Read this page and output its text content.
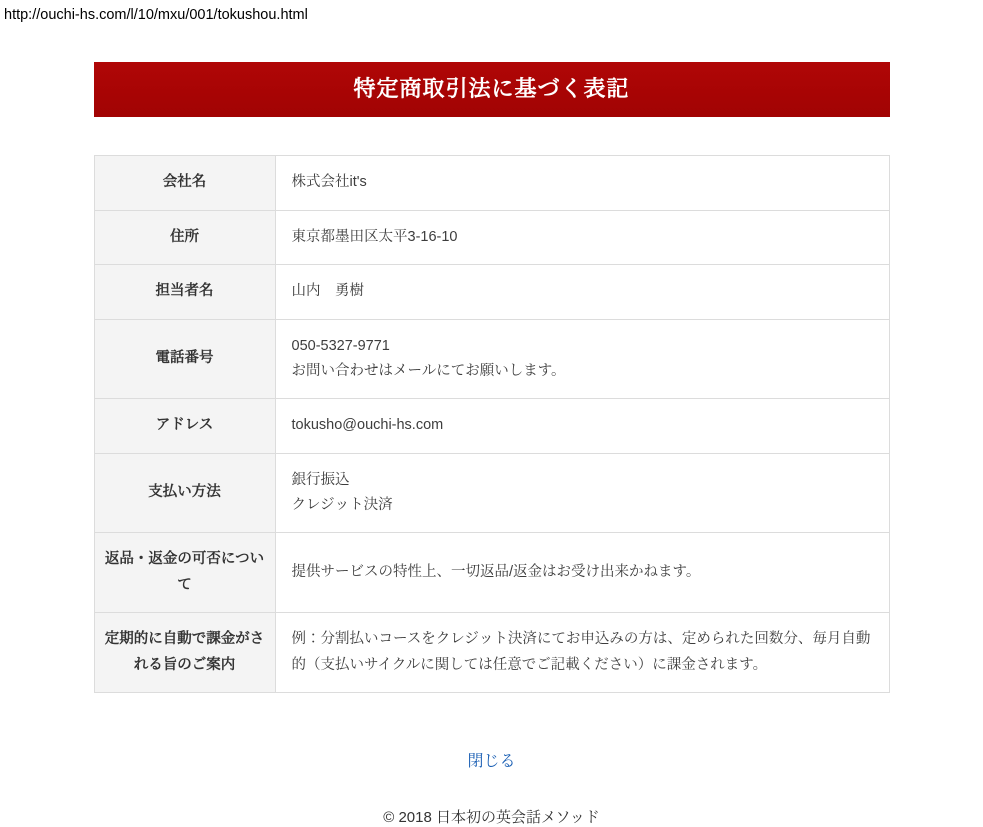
http://ouchi-hs.com/l/10/mxu/001/tokushou.html
特定商取引法に基づく表記
会社名	株式会社it's

住所	東京都墨田区太平3-16-10

担当者名	山内　勇樹

電話番号	050-5327-9771
お問い合わせはメールにてお願いします。

アドレス	tokusho@ouchi-hs.com

支払い方法	銀行振込
クレジット決済

返品・返金の可否について	提供サービスの特性上、一切返品/返金はお受け出来かねます。

定期的に自動で課金がされる旨のご案内	例：分割払いコースをクレジット決済にてお申込みの方は、定められた回数分、毎月自動的（支払いサイクルに関しては任意でご記載ください）に課金されます。
閉じる
© 2018 日本初の英会話メソッド
